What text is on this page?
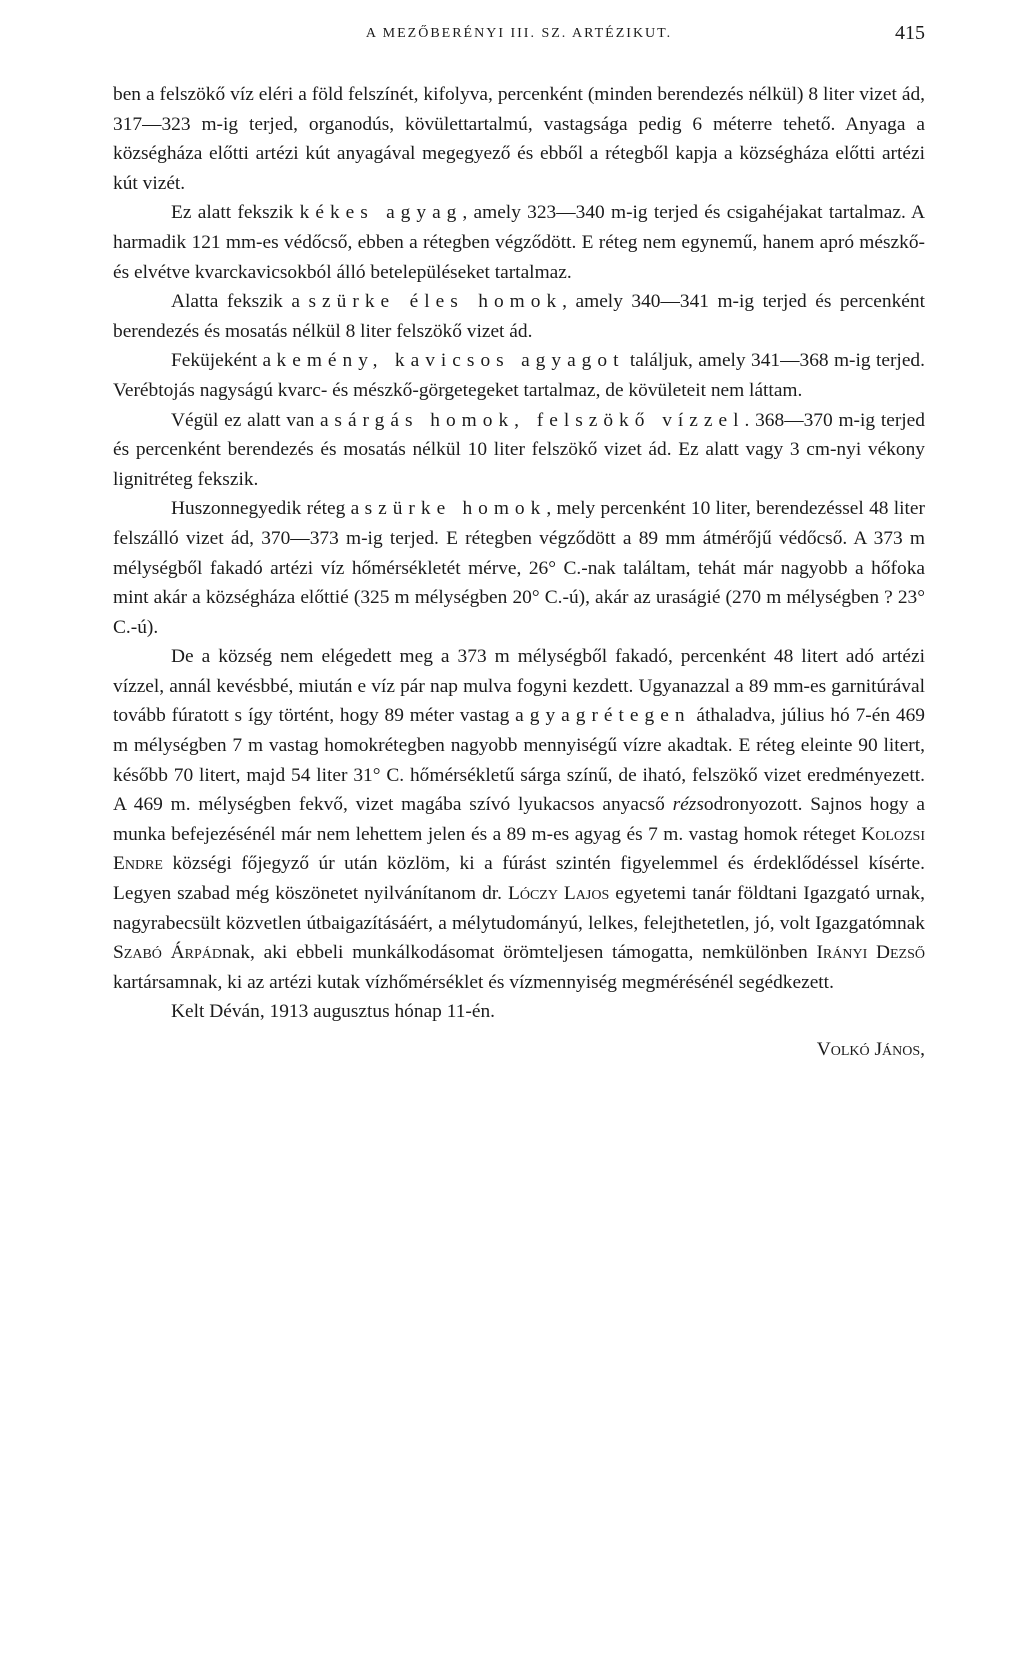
A MEZŐBERÉNYI III. SZ. ARTÉZIKUT.	415

ben a felszökő víz eléri a föld felszínét, kifolyva, percenként (minden berendezés nélkül) 8 liter vizet ád, 317—323 m-ig terjed, organodús, kövülettartalmú, vastagsága pedig 6 méterre tehető. Anyaga a községháza előtti artézi kút anyagával megegyező és ebből a rétegből kapja a községháza előtti artézi kút vizét.

Ez alatt fekszik kékes agyag, amely 323—340 m-ig terjed és csigahéjakat tartalmaz. A harmadik 121 mm-es védőcső, ebben a rétegben végződött. E réteg nem egynemű, hanem apró mészkő- és elvétve kvarckavicsokból álló betelepüléseket tartalmaz.

Alatta fekszik a szürke éles homok, amely 340—341 m-ig terjed és percenként berendezés és mosatás nélkül 8 liter felszökő vizet ád.

Feküjeként a kemény, kavicsos agyagot találjuk, amely 341—368 m-ig terjed. Verébtojás nagyságú kvarc- és mészkő-görgetegeket tartalmaz, de kövületeit nem láttam.

Végül ez alatt van a sárgás homok, felszökő vízzel. 368—370 m-ig terjed és percenként berendezés és mosatás nélkül 10 liter felszökő vizet ád. Ez alatt vagy 3 cm-nyi vékony lignitréteg fekszik.

Huszonnegyedik réteg a szürke homok, mely percenként 10 liter, berendezéssel 48 liter felszálló vizet ád, 370—373 m-ig terjed. E rétegben végződött a 89 mm átmérőjű védőcső. A 373 m mélységből fakadó artézi víz hőmérsékletét mérve, 26° C.-nak találtam, tehát már nagyobb a hőfoka mint akár a községháza előttié (325 m mélységben 20° C.-ú), akár az uraságié (270 m mélységben ? 23° C.-ú).

De a község nem elégedett meg a 373 m mélységből fakadó, percenként 48 litert adó artézi vízzel, annál kevésbbé, miután e víz pár nap mulva fogyni kezdett. Ugyanazzal a 89 mm-es garnitúrával tovább fúratott s így történt, hogy 89 méter vastag agyagrétegen áthaladva, július hó 7-én 469 m mélységben 7 m vastag homokrétegben nagyobb mennyiségű vízre akadtak. E réteg eleinte 90 litert, később 70 litert, majd 54 liter 31° C. hőmérsékletű sárga színű, de iható, felszökő vizet eredményezett. A 469 m. mélységben fekvő, vizet magába szívó lyukacsos anyacső rézsodronyozott. Sajnos hogy a munka befejezésénél már nem lehettem jelen és a 89 m-es agyag és 7 m. vastag homok réteget Kolozsi Endre községi főjegyző úr után közlöm, ki a fúrást szintén figyelemmel és érdeklődéssel kísérte. Legyen szabad még köszönetet nyilvánítanom dr. Lóczy Lajos egyetemi tanár földtani Igazgató urnak, nagyrabecsült közvetlen útbaigazításáért, a mélytudományú, lelkes, felejthetetlen, jó, volt Igazgatómnak Szabó Árpádnak, aki ebbeli munkálkodásomat örömteljesen támogatta, nemkülönben Irányi Dezső kartársamnak, ki az artézi kutak vízhőmérséklet és vízmennyiség megmérésénél segédkezett.

Kelt Déván, 1913 augusztus hónap 11-én.

Volkó János,
